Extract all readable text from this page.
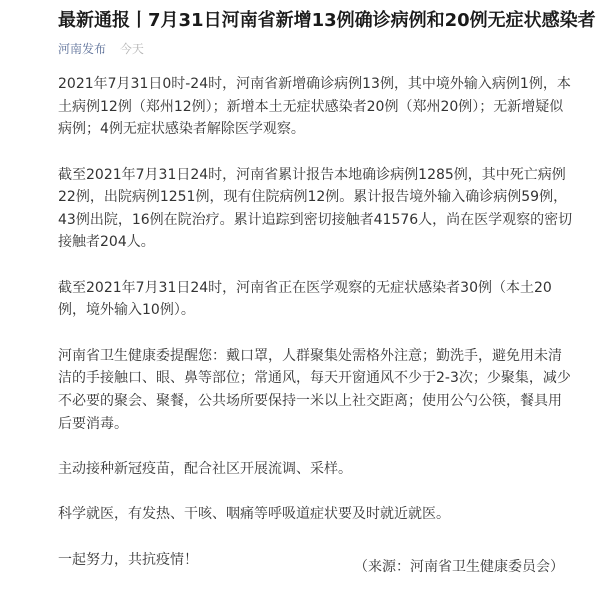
最新通报丨7月31日河南省新增13例确诊病例和20例无症状感染者
河南发布 今天

2021年7月31日0时-24时，河南省新增确诊病例13例，其中境外输入病例1例，本土病例12例（郑州12例）；新增本土无症状感染者20例（郑州20例）；无新增疑似病例；4例无症状感染者解除医学观察。

截至2021年7月31日24时，河南省累计报告本地确诊病例1285例，其中死亡病例22例，出院病例1251例，现有住院病例12例。累计报告境外输入确诊病例59例，43例出院，16例在院治疗。累计追踪到密切接触者41576人，尚在医学观察的密切接触者204人。

截至2021年7月31日24时，河南省正在医学观察的无症状感染者30例（本土20例，境外输入10例）。

河南省卫生健康委提醒您：戴口罩，人群聚集处需格外注意；勤洗手，避免用未清洁的手接触口、眼、鼻等部位；常通风，每天开窗通风不少于2-3次；少聚集，减少不必要的聚会、聚餐，公共场所要保持一米以上社交距离；使用公勺公筷，餐具用后要消毒。

主动接种新冠疫苗，配合社区开展流调、采样。

科学就医，有发热、干咳、咽痛等呼吸道症状要及时就近就医。

一起努力，共抗疫情！	（来源：河南省卫生健康委员会）
